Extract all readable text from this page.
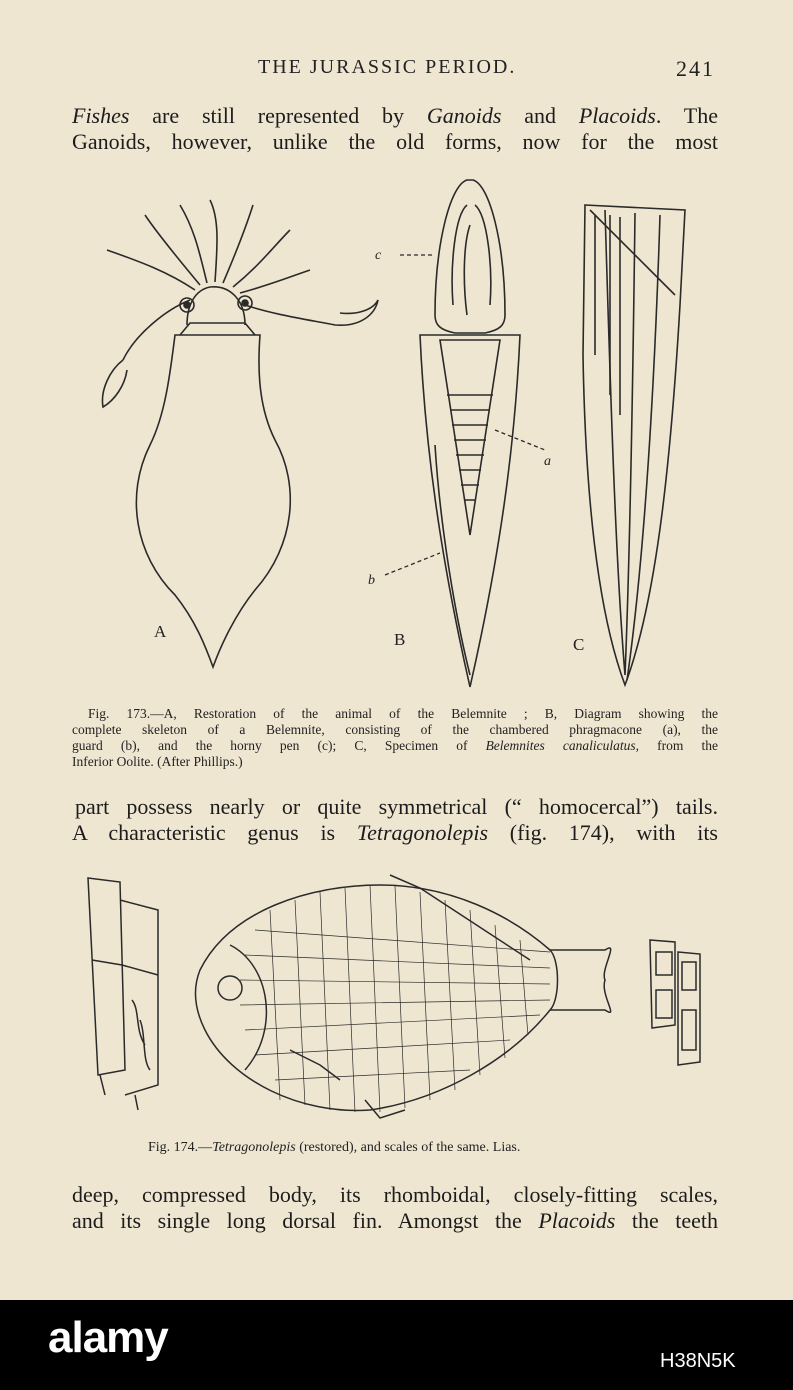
THE JURASSIC PERIOD.	241
Fishes are still represented by Ganoids and Placoids. The
Ganoids, however, unlike the old forms, now for the most
A	B	C
a
b
c
Fig. 173.—A, Restoration of the animal of the Belemnite ; B, Diagram showing the
complete skeleton of a Belemnite, consisting of the chambered phragmacone (a), the
guard (b), and the horny pen (c); C, Specimen of Belemnites canaliculatus, from the
Inferior Oolite. (After Phillips.)
part possess nearly or quite symmetrical (“ homocercal”) tails.
A characteristic genus is Tetragonolepis (fig. 174), with its
Fig. 174.—Tetragonolepis (restored), and scales of the same. Lias.
deep, compressed body, its rhomboidal, closely-fitting scales,
and its single long dorsal fin. Amongst the Placoids the teeth
alamy	H38N5K
